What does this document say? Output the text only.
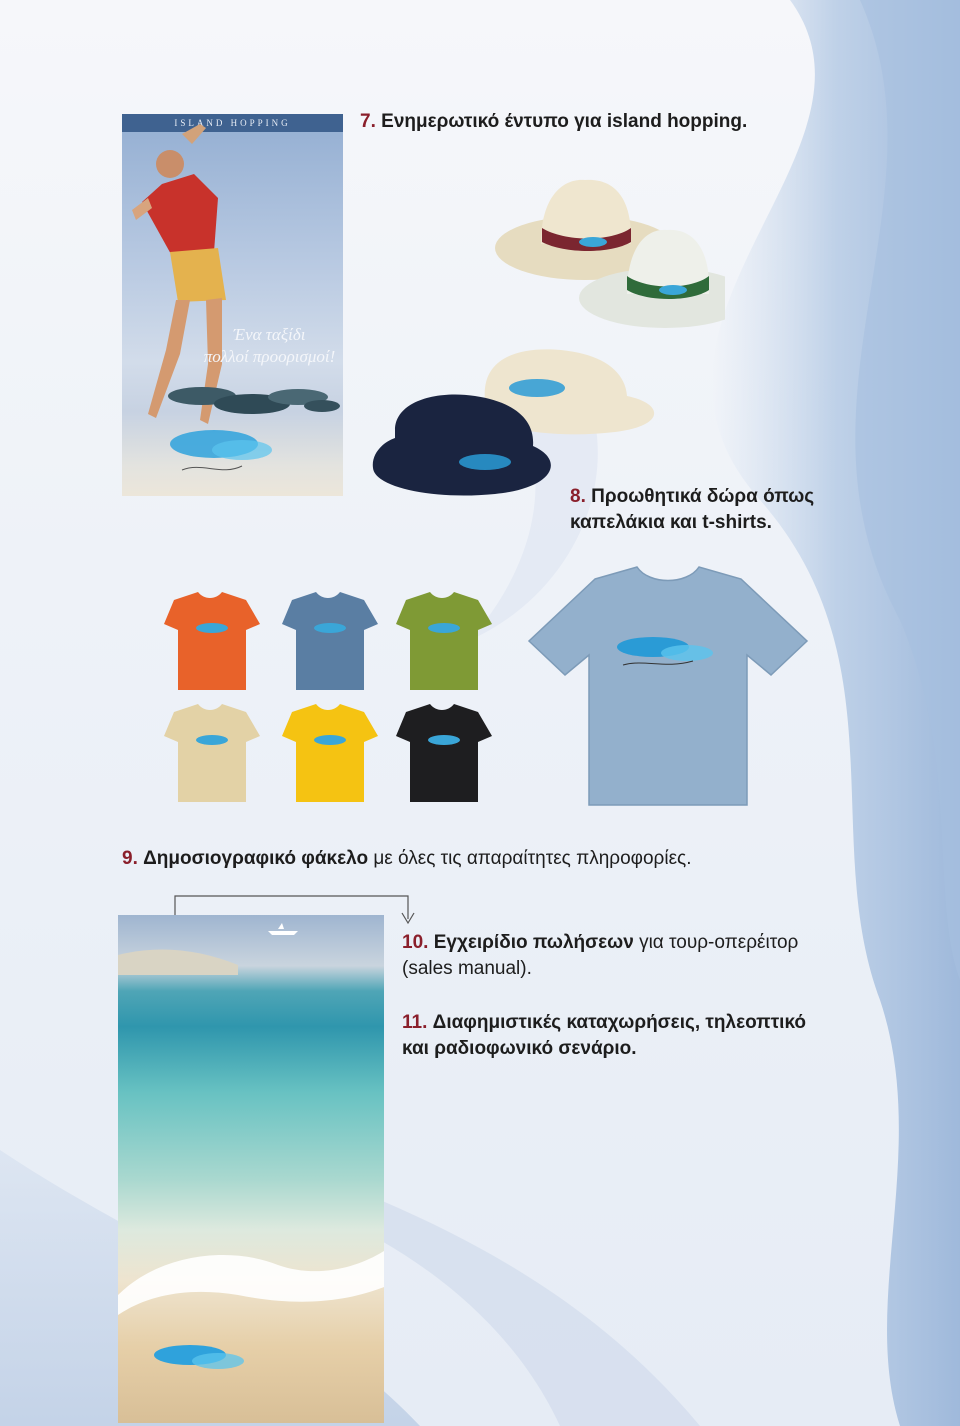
ISLAND HOPPING
Ένα ταξίδι
πολλοί προορισμοί!
7. Ενημερωτικό έντυπο για island hopping.
8. Προωθητικά δώρα όπως
καπελάκια και t-shirts.
9. Δημοσιογραφικό φάκελο με όλες τις απαραίτητες πληροφορίες.
10. Εγχειρίδιο πωλήσεων για τουρ-οπερέιτορ
(sales manual).
11. Διαφημιστικές καταχωρήσεις, τηλεοπτικό
και ραδιοφωνικό σενάριο.
